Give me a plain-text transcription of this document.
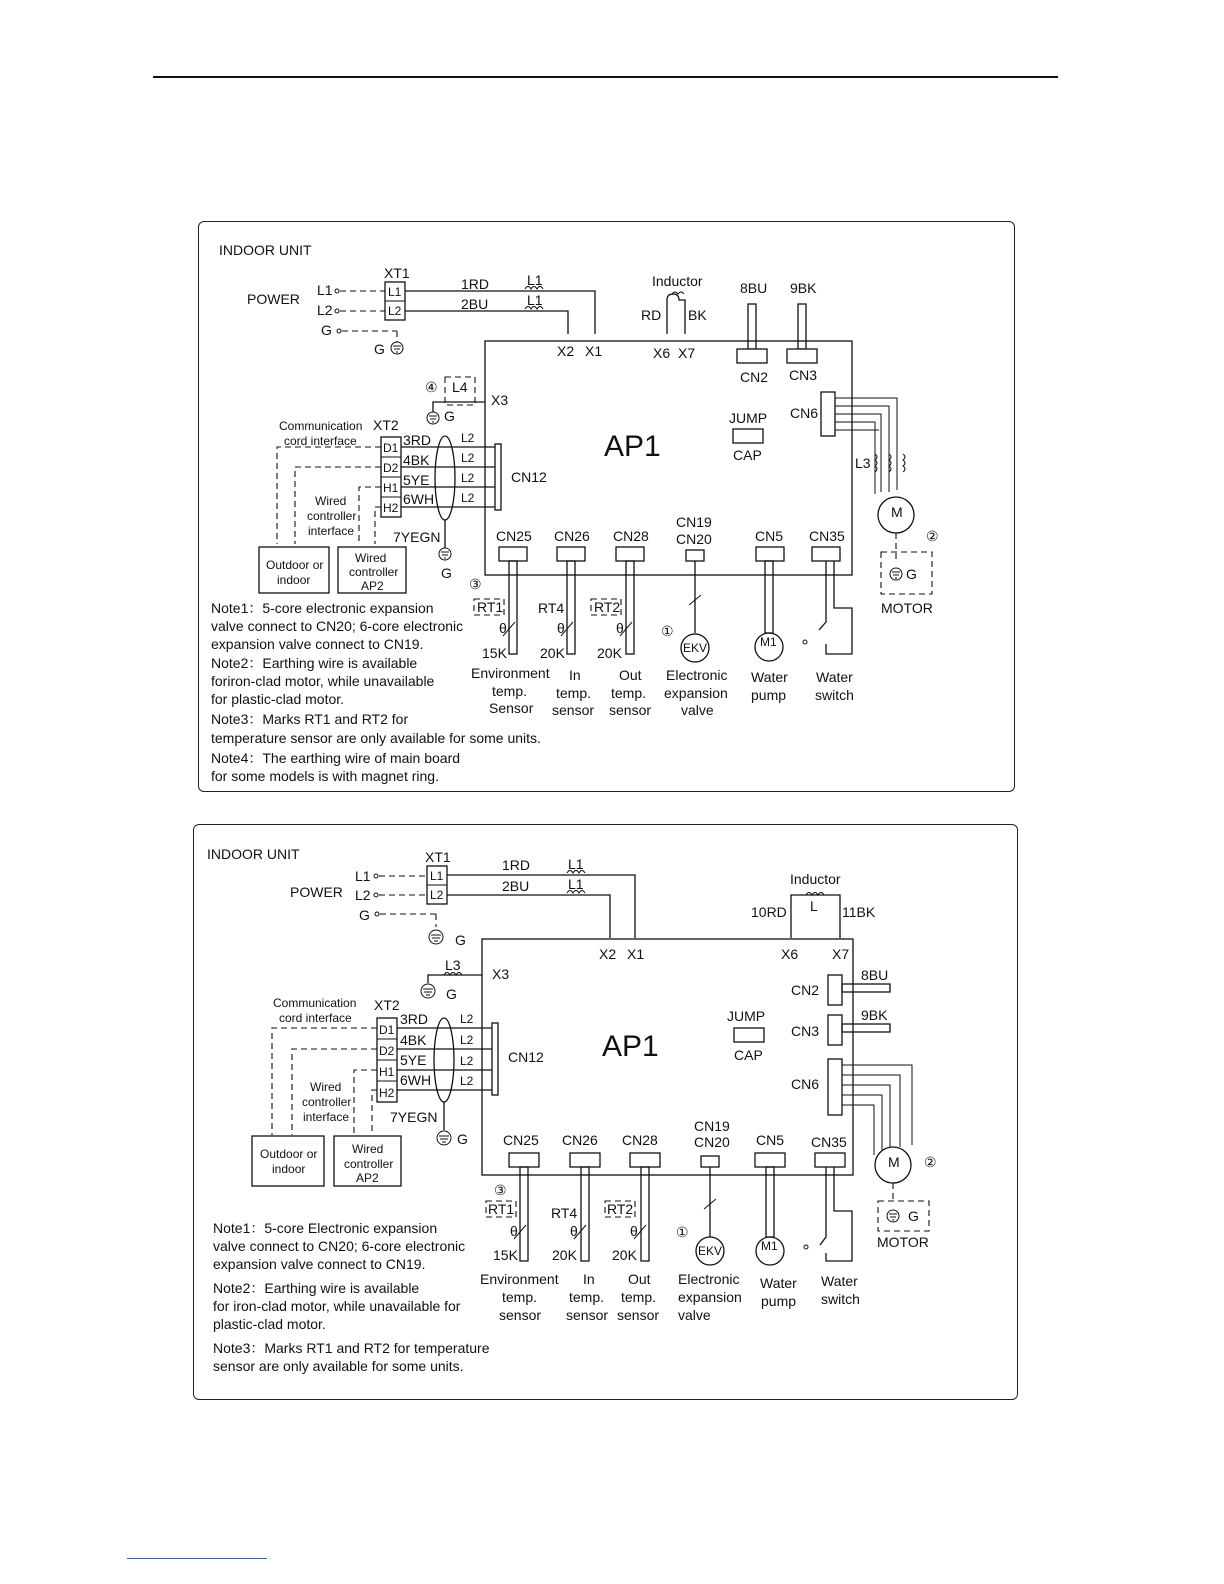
INDOOR UNIT
POWER
L1
L2
G
G
XT1
L1
L2
1RD
2BU
L1
L1
X2 X1
Inductor
RD BK
X6 X7
AP1
8BU 9BK
CN2 CN3
JUMP
CAP
CN6
L3
M
②
G
MOTOR
④ L4
G
X3
Communication
cord interface
XT2
D1
D2
H1
H2
3RD
4BK
5YE
6WH
L2
L2
L2
L2
CN12
7YEGN
G
Wired
controller
interface
Outdoor or
indoor
Wired
controller
AP2
CN25 CN26 CN28
CN19
CN20	CN5 CN35
③
RT1 RT4 RT2
θ	θ	θ
15K 20K 20K
①
EKV	M1
Environment
temp.
Sensor
In
temp.
sensor
Out
temp.
sensor
Electronic
expansion
valve
Water
pump
Water
switch
Note1：5-core electronic expansion
valve connect to CN20; 6-core electronic
expansion valve connect to CN19.
Note2：Earthing wire is available
foriron-clad motor, while unavailable
for plastic-clad motor.
Note3：Marks RT1 and RT2 for
temperature sensor are only available for some units.
Note4：The earthing wire of main board
for some models is with magnet ring.
INDOOR UNIT
POWER
L1
L2
G
G
XT1
L1
L2
1RD
2BU
L1
L1
X2 X1
Inductor
L
10RD	11BK
X6 X7
AP1
CN2
8BU
CN3
9BK
JUMP
CAP
CN6
M ②
G
MOTOR
L3
G
X3
Communication
cord interface
XT2
D1
D2
H1
H2
3RD
4BK
5YE
6WH
L2
L2
L2
L2
CN12
7YEGN
G
Wired
controller
interface
Outdoor or
indoor
Wired
controller
AP2
CN25 CN26 CN28
CN19
CN20 CN5 CN35
③
RT1	RT4 RT2
θ	θ	θ
15K 20K	20K
①
EKV	M1
Environment
temp.
sensor
In
temp.
sensor
Out
temp.
sensor
Electronic
expansion
valve
Water
pump
Water
switch
Note1：5-core Electronic expansion
valve connect to CN20; 6-core electronic
expansion valve connect to CN19.
Note2：Earthing wire is available
for iron-clad motor, while unavailable for
plastic-clad motor.
Note3：Marks RT1 and RT2 for temperature
sensor are only available for some units.
